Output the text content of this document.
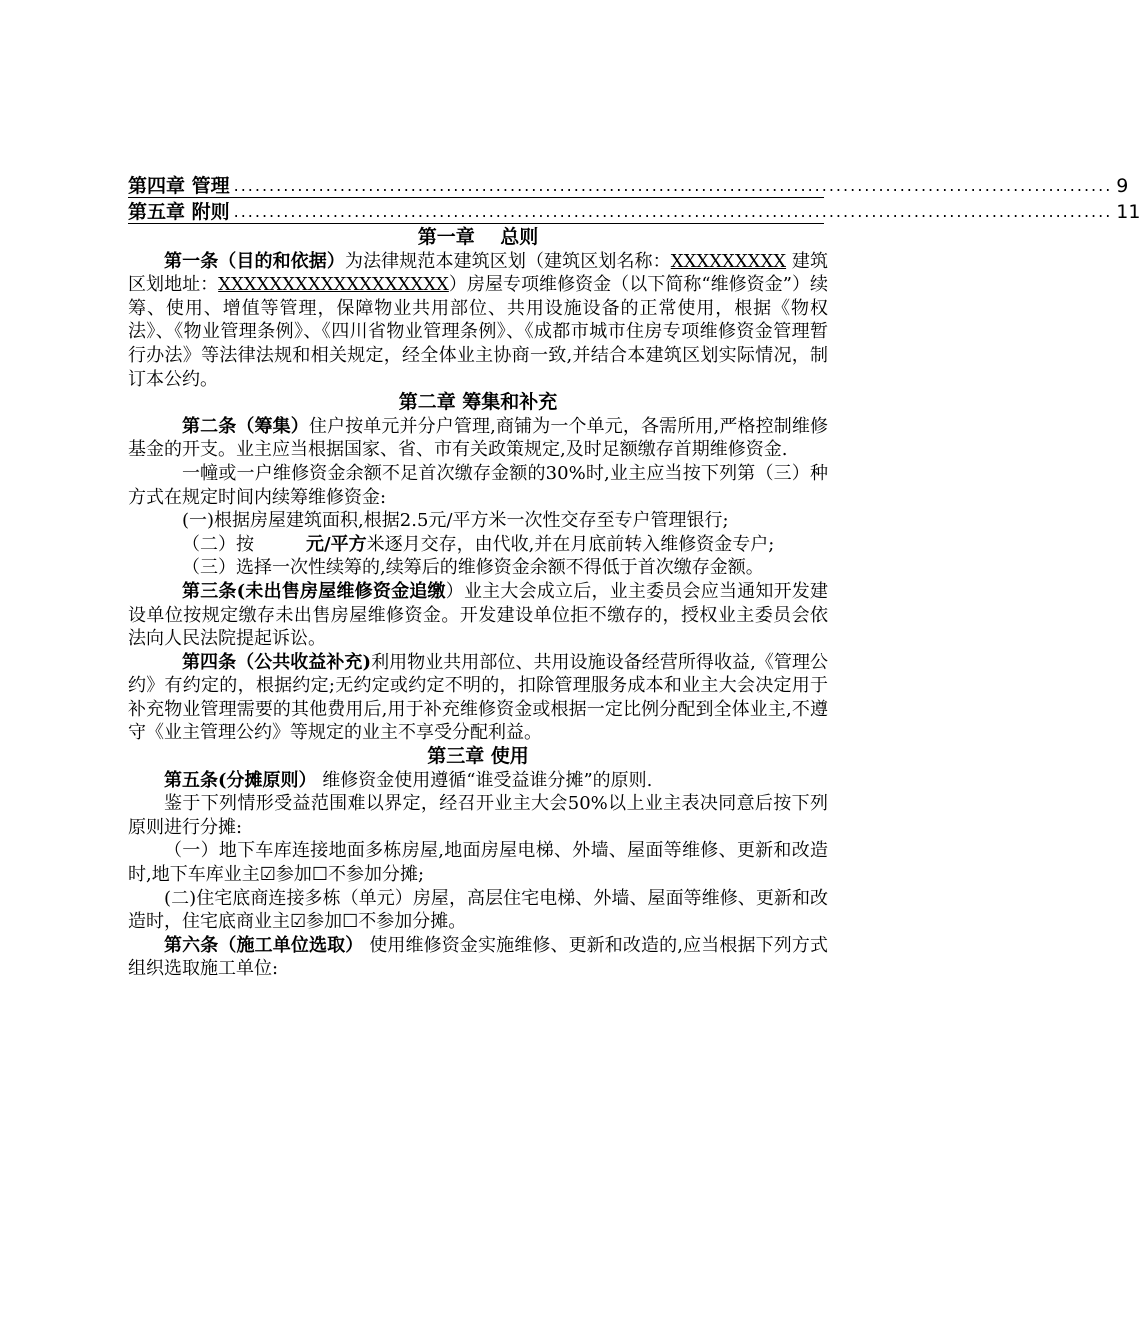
第四章 管理 ............................................................................................................................ 9
第五章 附则 ............................................................................................................................ 11

第一章　 总则

第一条（目的和依据）为法律规范本建筑区划（建筑区划名称：XXXXXXXXX 建筑区划地址：XXXXXXXXXXXXXXXXXX）房屋专项维修资金（以下简称“维修资金”）续筹、使用、增值等管理，保障物业共用部位、共用设施设备的正常使用，根据《物权法》、《物业管理条例》、《四川省物业管理条例》、《成都市城市住房专项维修资金管理暂行办法》等法律法规和相关规定，经全体业主协商一致,并结合本建筑区划实际情况，制订本公约。

第二章 筹集和补充

第二条（筹集）住户按单元并分户管理,商铺为一个单元，各需所用,严格控制维修基金的开支。业主应当根据国家、省、市有关政策规定,及时足额缴存首期维修资金.

一幢或一户维修资金余额不足首次缴存金额的30%时,业主应当按下列第（三）种方式在规定时间内续筹维修资金:

(一)根据房屋建筑面积,根据2.5元/平方米一次性交存至专户管理银行;

（二）按	元/平方米逐月交存，由代收,并在月底前转入维修资金专户;

（三）选择一次性续筹的,续筹后的维修资金余额不得低于首次缴存金额。

第三条(未出售房屋维修资金追缴）业主大会成立后，业主委员会应当通知开发建设单位按规定缴存未出售房屋维修资金。开发建设单位拒不缴存的，授权业主委员会依法向人民法院提起诉讼。

第四条（公共收益补充)利用物业共用部位、共用设施设备经营所得收益,《管理公约》有约定的，根据约定;无约定或约定不明的，扣除管理服务成本和业主大会决定用于补充物业管理需要的其他费用后,用于补充维修资金或根据一定比例分配到全体业主,不遵守《业主管理公约》等规定的业主不享受分配利益。

第三章 使用

第五条(分摊原则） 维修资金使用遵循“谁受益谁分摊”的原则.

鉴于下列情形受益范围难以界定，经召开业主大会50%以上业主表决同意后按下列原则进行分摊:

（一）地下车库连接地面多栋房屋,地面房屋电梯、外墙、屋面等维修、更新和改造时,地下车库业主☑参加☐不参加分摊;

(二)住宅底商连接多栋（单元）房屋，高层住宅电梯、外墙、屋面等维修、更新和改造时，住宅底商业主☑参加☐不参加分摊。

第六条（施工单位选取） 使用维修资金实施维修、更新和改造的,应当根据下列方式组织选取施工单位:
